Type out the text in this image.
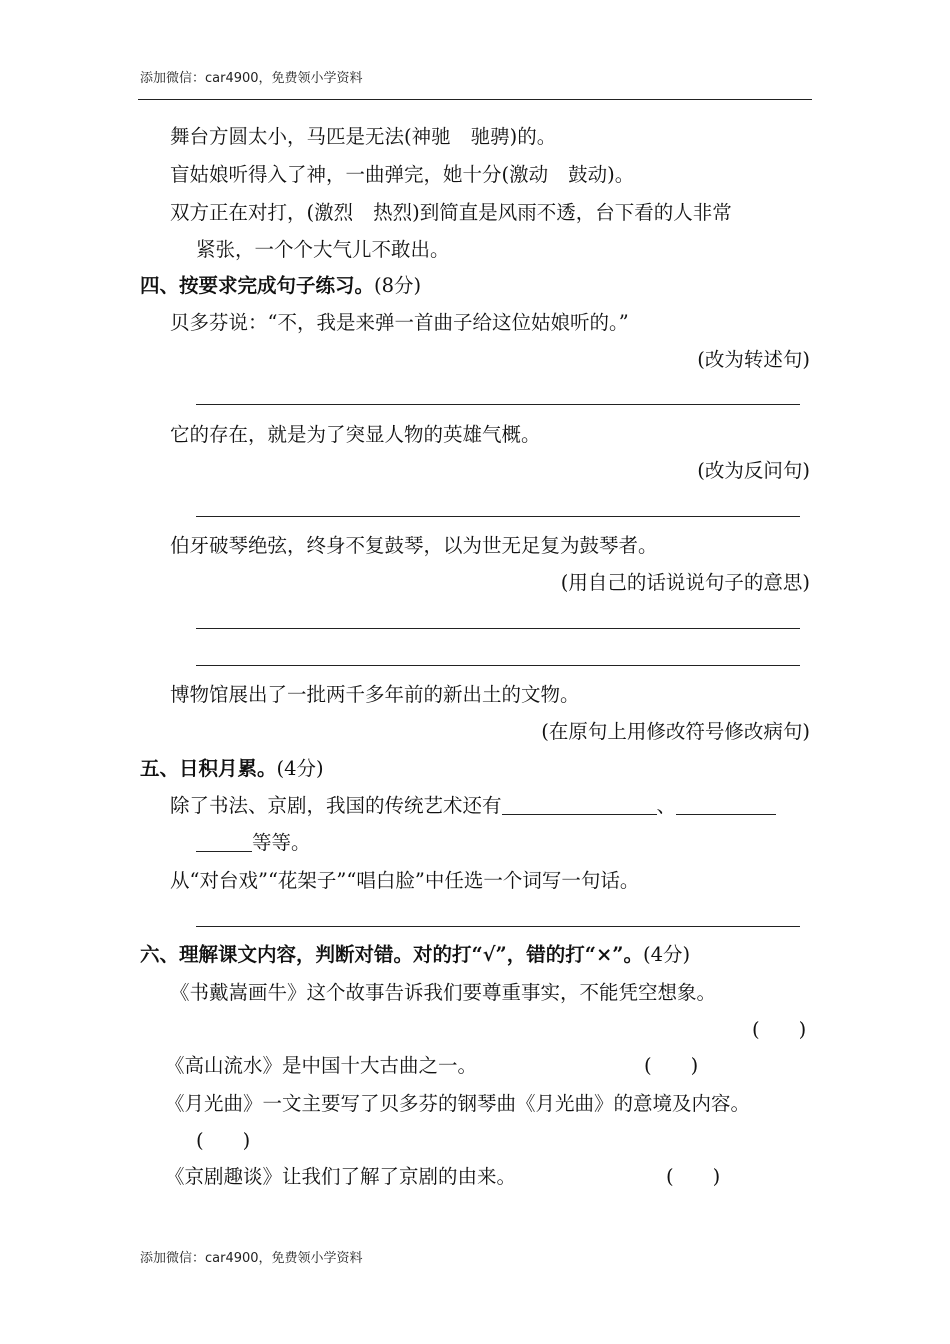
添加微信：car4900，免费领小学资料
舞台方圆太小，马匹是无法(神驰 驰骋)的。
盲姑娘听得入了神，一曲弹完，她十分(激动 鼓动)。
双方正在对打，(激烈 热烈)到简直是风雨不透，台下看的人非常
紧张，一个个大气儿不敢出。
四、按要求完成句子练习。(8分)
贝多芬说：“不，我是来弹一首曲子给这位姑娘听的。”
(改为转述句)
它的存在，就是为了突显人物的英雄气概。
(改为反问句)
伯牙破琴绝弦，终身不复鼓琴，以为世无足复为鼓琴者。
(用自己的话说说句子的意思)
博物馆展出了一批两千多年前的新出土的文物。
(在原句上用修改符号修改病句)
五、日积月累。(4分)
除了书法、京剧，我国的传统艺术还有	、
等等。
从“对台戏”“花架子”“唱白脸”中任选一个词写一句话。
六、理解课文内容，判断对错。对的打“√”，错的打“×”。(4分)
《书戴嵩画牛》这个故事告诉我们要尊重事实，不能凭空想象。
(　　)
《高山流水》是中国十大古曲之一。	(　　)
《月光曲》一文主要写了贝多芬的钢琴曲《月光曲》的意境及内容。
(　　)
《京剧趣谈》让我们了解了京剧的由来。	(　　)
添加微信：car4900，免费领小学资料
